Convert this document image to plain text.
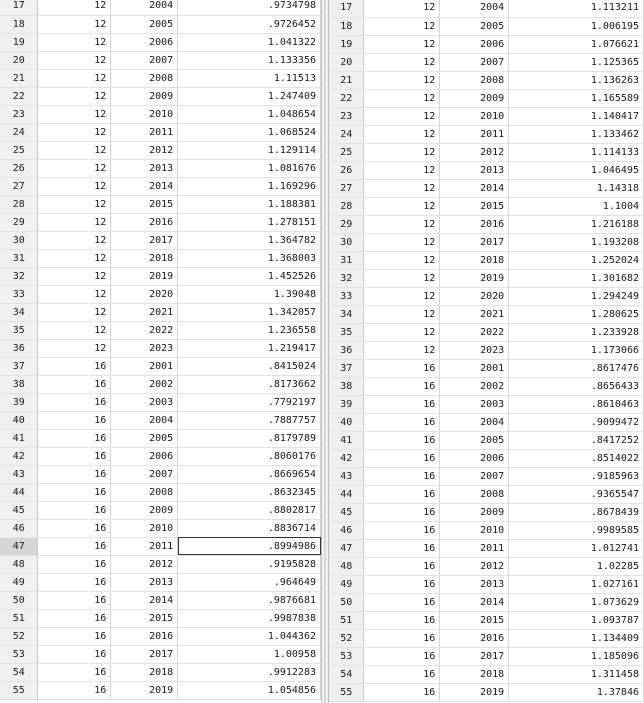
17	12	2004	.9734798
18	12	2005	.9726452
19	12	2006	1.041322
20	12	2007	1.133356
21	12	2008	1.11513
22	12	2009	1.247409
23	12	2010	1.048654
24	12	2011	1.068524
25	12	2012	1.129114
26	12	2013	1.081676
27	12	2014	1.169296
28	12	2015	1.188381
29	12	2016	1.278151
30	12	2017	1.364782
31	12	2018	1.368003
32	12	2019	1.452526
33	12	2020	1.39048
34	12	2021	1.342057
35	12	2022	1.236558
36	12	2023	1.219417
37	16	2001	.8415024
38	16	2002	.8173662
39	16	2003	.7792197
40	16	2004	.7887757
41	16	2005	.8179789
42	16	2006	.8060176
43	16	2007	.8669654
44	16	2008	.8632345
45	16	2009	.8802817
46	16	2010	.8836714
47	16	2011	.8994986
48	16	2012	.9195828
49	16	2013	.964649
50	16	2014	.9876681
51	16	2015	.9987838
52	16	2016	1.044362
53	16	2017	1.00958
54	16	2018	.9912283
55	16	2019	1.054856
17	12	2004	1.113211
18	12	2005	1.006195
19	12	2006	1.076621
20	12	2007	1.125365
21	12	2008	1.136263
22	12	2009	1.165589
23	12	2010	1.140417
24	12	2011	1.133462
25	12	2012	1.114133
26	12	2013	1.046495
27	12	2014	1.14318
28	12	2015	1.1004
29	12	2016	1.216188
30	12	2017	1.193208
31	12	2018	1.252024
32	12	2019	1.301682
33	12	2020	1.294249
34	12	2021	1.280625
35	12	2022	1.233928
36	12	2023	1.173066
37	16	2001	.8617476
38	16	2002	.8656433
39	16	2003	.8610463
40	16	2004	.9099472
41	16	2005	.8417252
42	16	2006	.8514022
43	16	2007	.9185963
44	16	2008	.9365547
45	16	2009	.8678439
46	16	2010	.9989585
47	16	2011	1.012741
48	16	2012	1.02285
49	16	2013	1.027161
50	16	2014	1.073629
51	16	2015	1.093787
52	16	2016	1.134409
53	16	2017	1.185096
54	16	2018	1.311458
55	16	2019	1.37846
